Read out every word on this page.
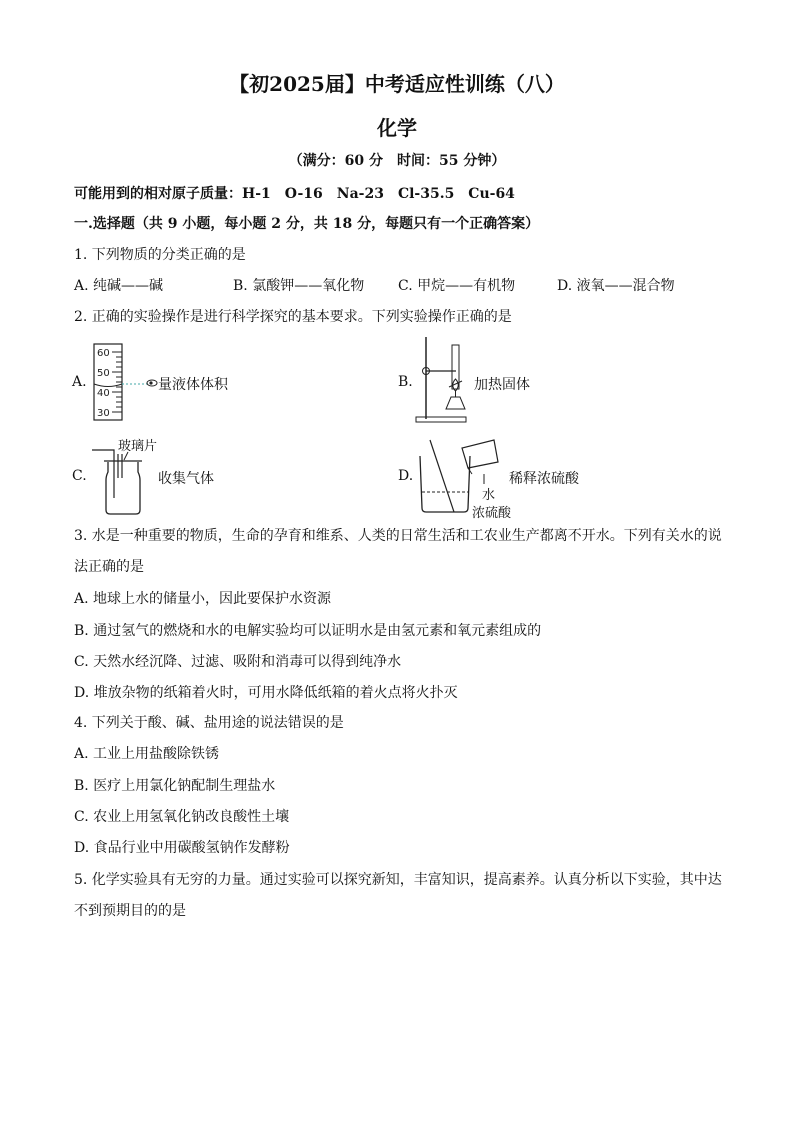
【初2025届】中考适应性训练（八）
化学
（满分：60 分　时间：55 分钟）
可能用到的相对原子质量：H-1　O-16　Na-23　Cl-35.5　Cu-64
一.选择题（共 9 小题，每小题 2 分，共 18 分，每题只有一个正确答案）
1. 下列物质的分类正确的是
A. 纯碱——碱	B. 氯酸钾——氧化物 C. 甲烷——有机物	D. 液氧——混合物
2. 正确的实验操作是进行科学探究的基本要求。下列实验操作正确的是
A.
60
50
40
30
量液体体积	B.	加热固体
C.
玻璃片
收集气体	D.
水
浓硫酸
稀释浓硫酸
3. 水是一种重要的物质，生命的孕育和维系、人类的日常生活和工农业生产都离不开水。下列有关水的说
法正确的是
A. 地球上水的储量小，因此要保护水资源
B. 通过氢气的燃烧和水的电解实验均可以证明水是由氢元素和氧元素组成的
C. 天然水经沉降、过滤、吸附和消毒可以得到纯净水
D. 堆放杂物的纸箱着火时，可用水降低纸箱的着火点将火扑灭
4. 下列关于酸、碱、盐用途的说法错误的是
A. 工业上用盐酸除铁锈
B. 医疗上用氯化钠配制生理盐水
C. 农业上用氢氧化钠改良酸性土壤
D. 食品行业中用碳酸氢钠作发酵粉
5. 化学实验具有无穷的力量。通过实验可以探究新知，丰富知识，提高素养。认真分析以下实验，其中达
不到预期目的的是
